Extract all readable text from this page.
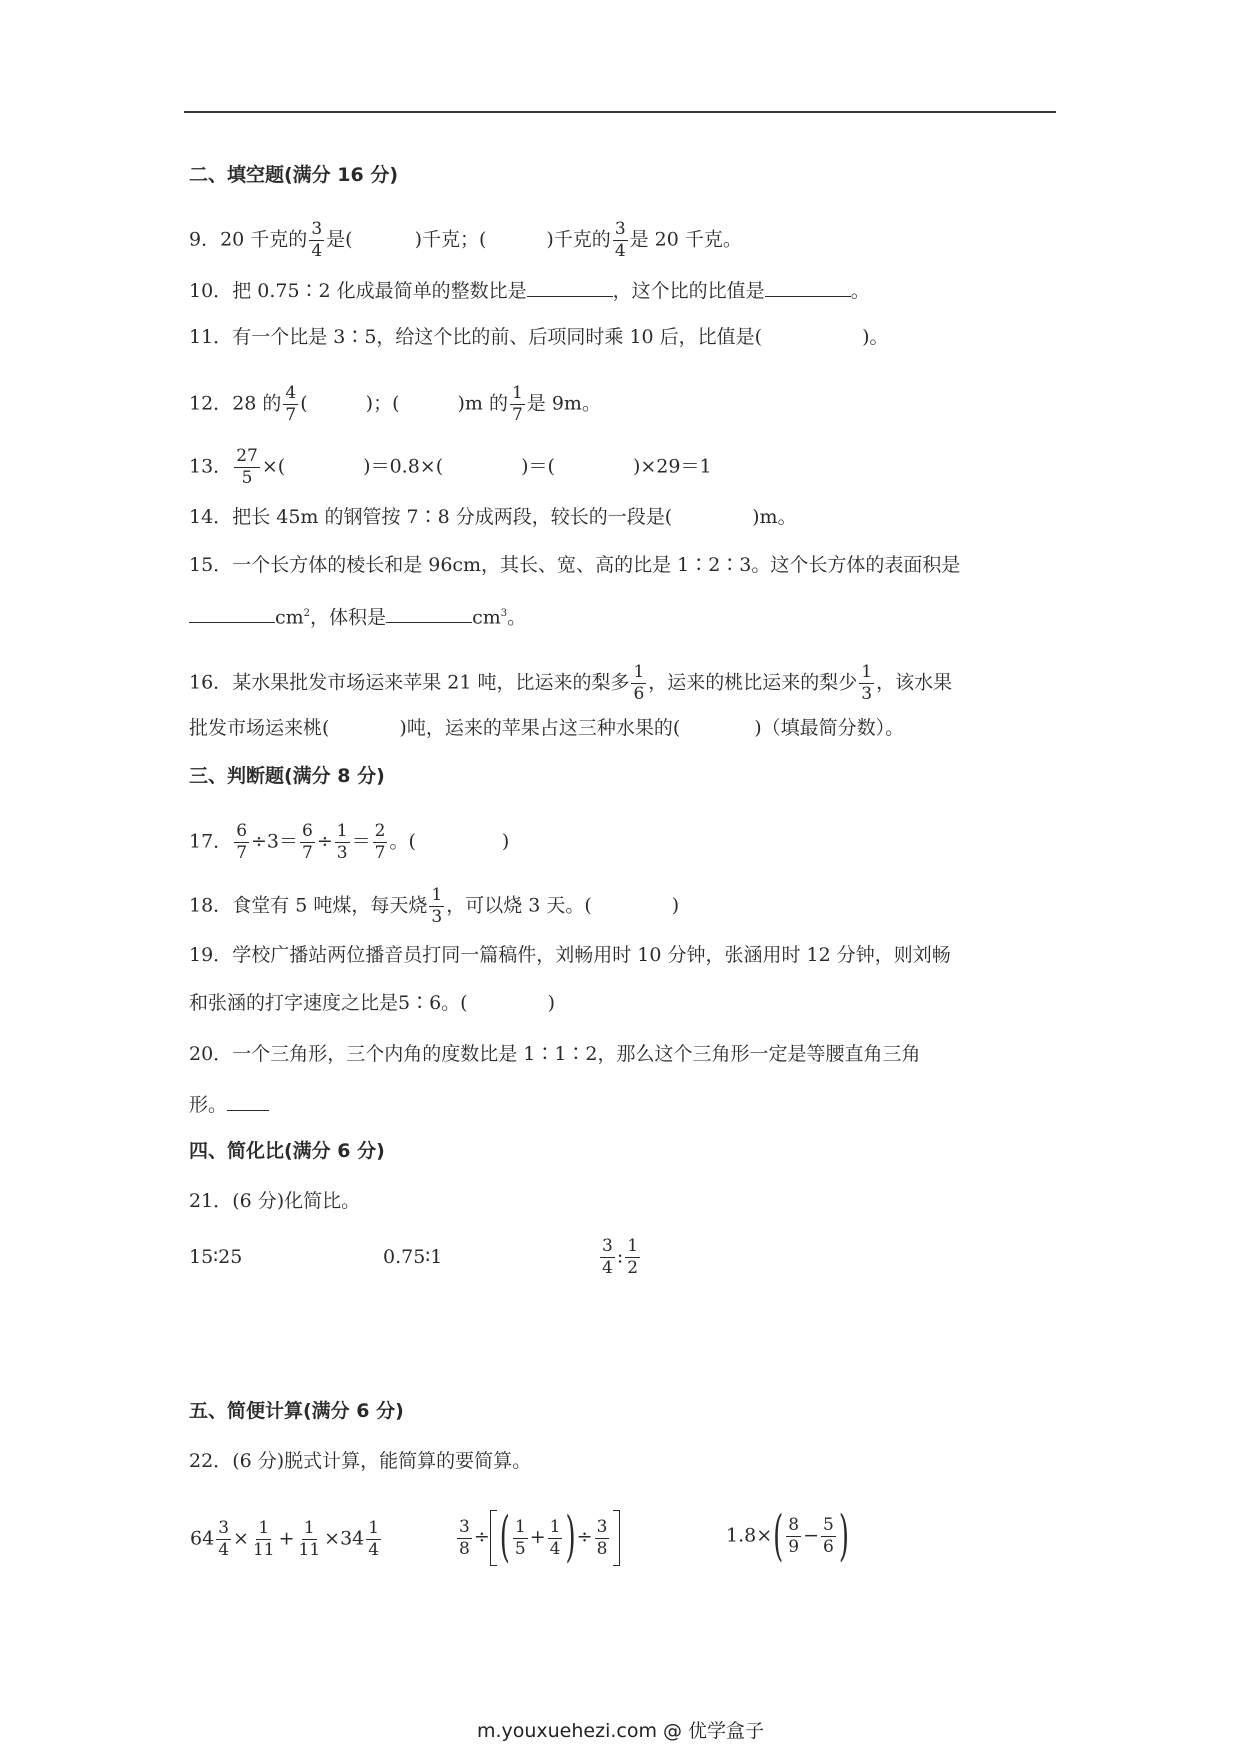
二、填空题(满分 16 分)
9．20 千克的 $\frac{3}{4}$ 是(	)千克；(	)千克的 $\frac{3}{4}$ 是 20 千克。
10．把 0.75∶2 化成最简单的整数比是	，这个比的比值是	。
11．有一个比是 3∶5，给这个比的前、后项同时乘 10 后，比值是(	)。
12．28 的 $\frac{4}{7}$ (	)；(	)m 的 $\frac{1}{7}$ 是 9m。
13． $\frac{27}{5}$ ×(	)＝0.8×(	)＝(	)×29＝1
14．把长 45m 的钢管按 7∶8 分成两段，较长的一段是(	)m。
15．一个长方体的棱长和是 96cm，其长、宽、高的比是 1∶2∶3。这个长方体的表面积是
$cm^2$，体积是	$cm^3$。
16．某水果批发市场运来苹果 21 吨，比运来的梨多 $\frac{1}{6}$ ，运来的桃比运来的梨少 $\frac{1}{3}$ ，该水果
批发市场运来桃(	)吨，运来的苹果占这三种水果的(	)（填最简分数）。
三、判断题(满分 8 分)
17． $\frac{6}{7} \div 3= \frac{6}{7} \div \frac{1}{3} = \frac{2}{7}$ 。(	)
18．食堂有 5 吨煤，每天烧 $\frac{1}{3}$ ，可以烧 3 天。(	)
19．学校广播站两位播音员打同一篇稿件，刘畅用时 10 分钟，张涵用时 12 分钟，则刘畅
和张涵的打字速度之比是5∶6。(	)
20．一个三角形，三个内角的度数比是 1∶1∶2，那么这个三角形一定是等腰直角三角
形。
四、简化比(满分 6 分)
21．(6 分)化简比。
15∶25	0.75∶1	$\frac{3}{4}$ : $\frac{1}{2}$
五、简便计算(满分 6 分)
22．(6 分)脱式计算，能简算的要简算。
$64 \frac{3}{4} \times \frac{1}{11} + \frac{1}{11} \times 34 \frac{1}{4}$	$\frac{3}{8}$ ÷ ( $\frac{1}{5} + \frac{1}{4}$ )÷ $\frac{3}{8}$	$1.8\times( \frac{8}{9} - \frac{5}{6}$ )
m.youxuehezi.com @ 优学盒子
